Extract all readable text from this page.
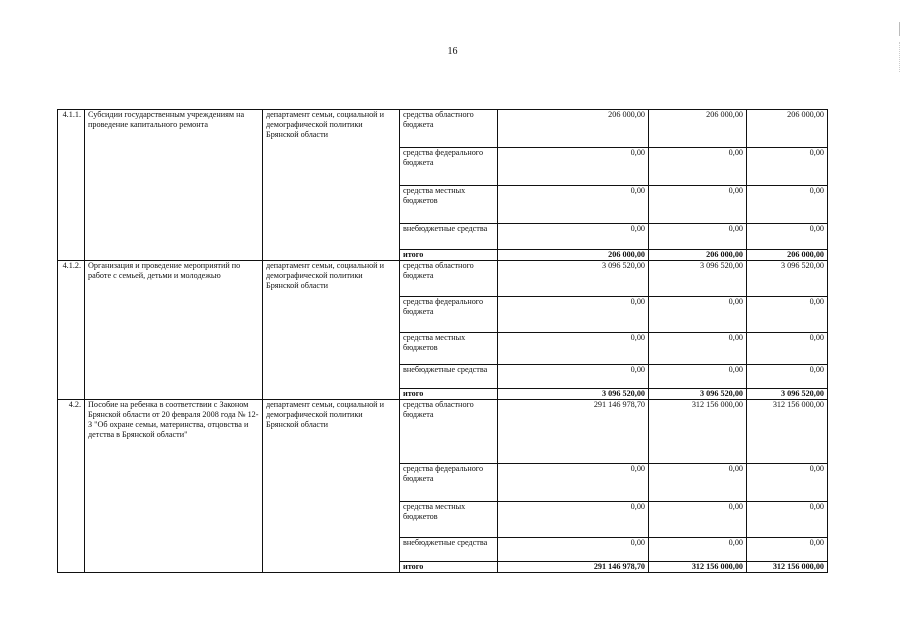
16
4.1.1.	Субсидии государственным учреждениям на проведение капитального ремонта	департамент семьи, социальной и демографической политики Брянской области	средства областного бюджета	206 000,00	206 000,00	206 000,00	
			средства федерального бюджета	0,00	0,00	0,00	
			средства местных бюджетов	0,00	0,00	0,00	
			внебюджетные средства	0,00	0,00	0,00	
			итого	206 000,00	206 000,00	206 000,00	
4.1.2.	Организация и проведение мероприятий по работе с семьей, детьми и молодежью	департамент семьи, социальной и демографической политики Брянской области	средства областного бюджета	3 096 520,00	3 096 520,00	3 096 520,00	
			средства федерального бюджета	0,00	0,00	0,00	
			средства местных бюджетов	0,00	0,00	0,00	
			внебюджетные средства	0,00	0,00	0,00	
			итого	3 096 520,00	3 096 520,00	3 096 520,00	
4.2.	Пособие на ребенка в соответствии с Законом Брянской области от 20 февраля 2008 года № 12-З "Об охране семьи, материнства, отцовства и детства в Брянской области"	департамент семьи, социальной и демографической политики Брянской области	средства областного бюджета	291 146 978,70	312 156 000,00	312 156 000,00	
			средства федерального бюджета	0,00	0,00	0,00	
			средства местных бюджетов	0,00	0,00	0,00	
			внебюджетные средства	0,00	0,00	0,00	
			итого	291 146 978,70	312 156 000,00	312 156 000,00	
